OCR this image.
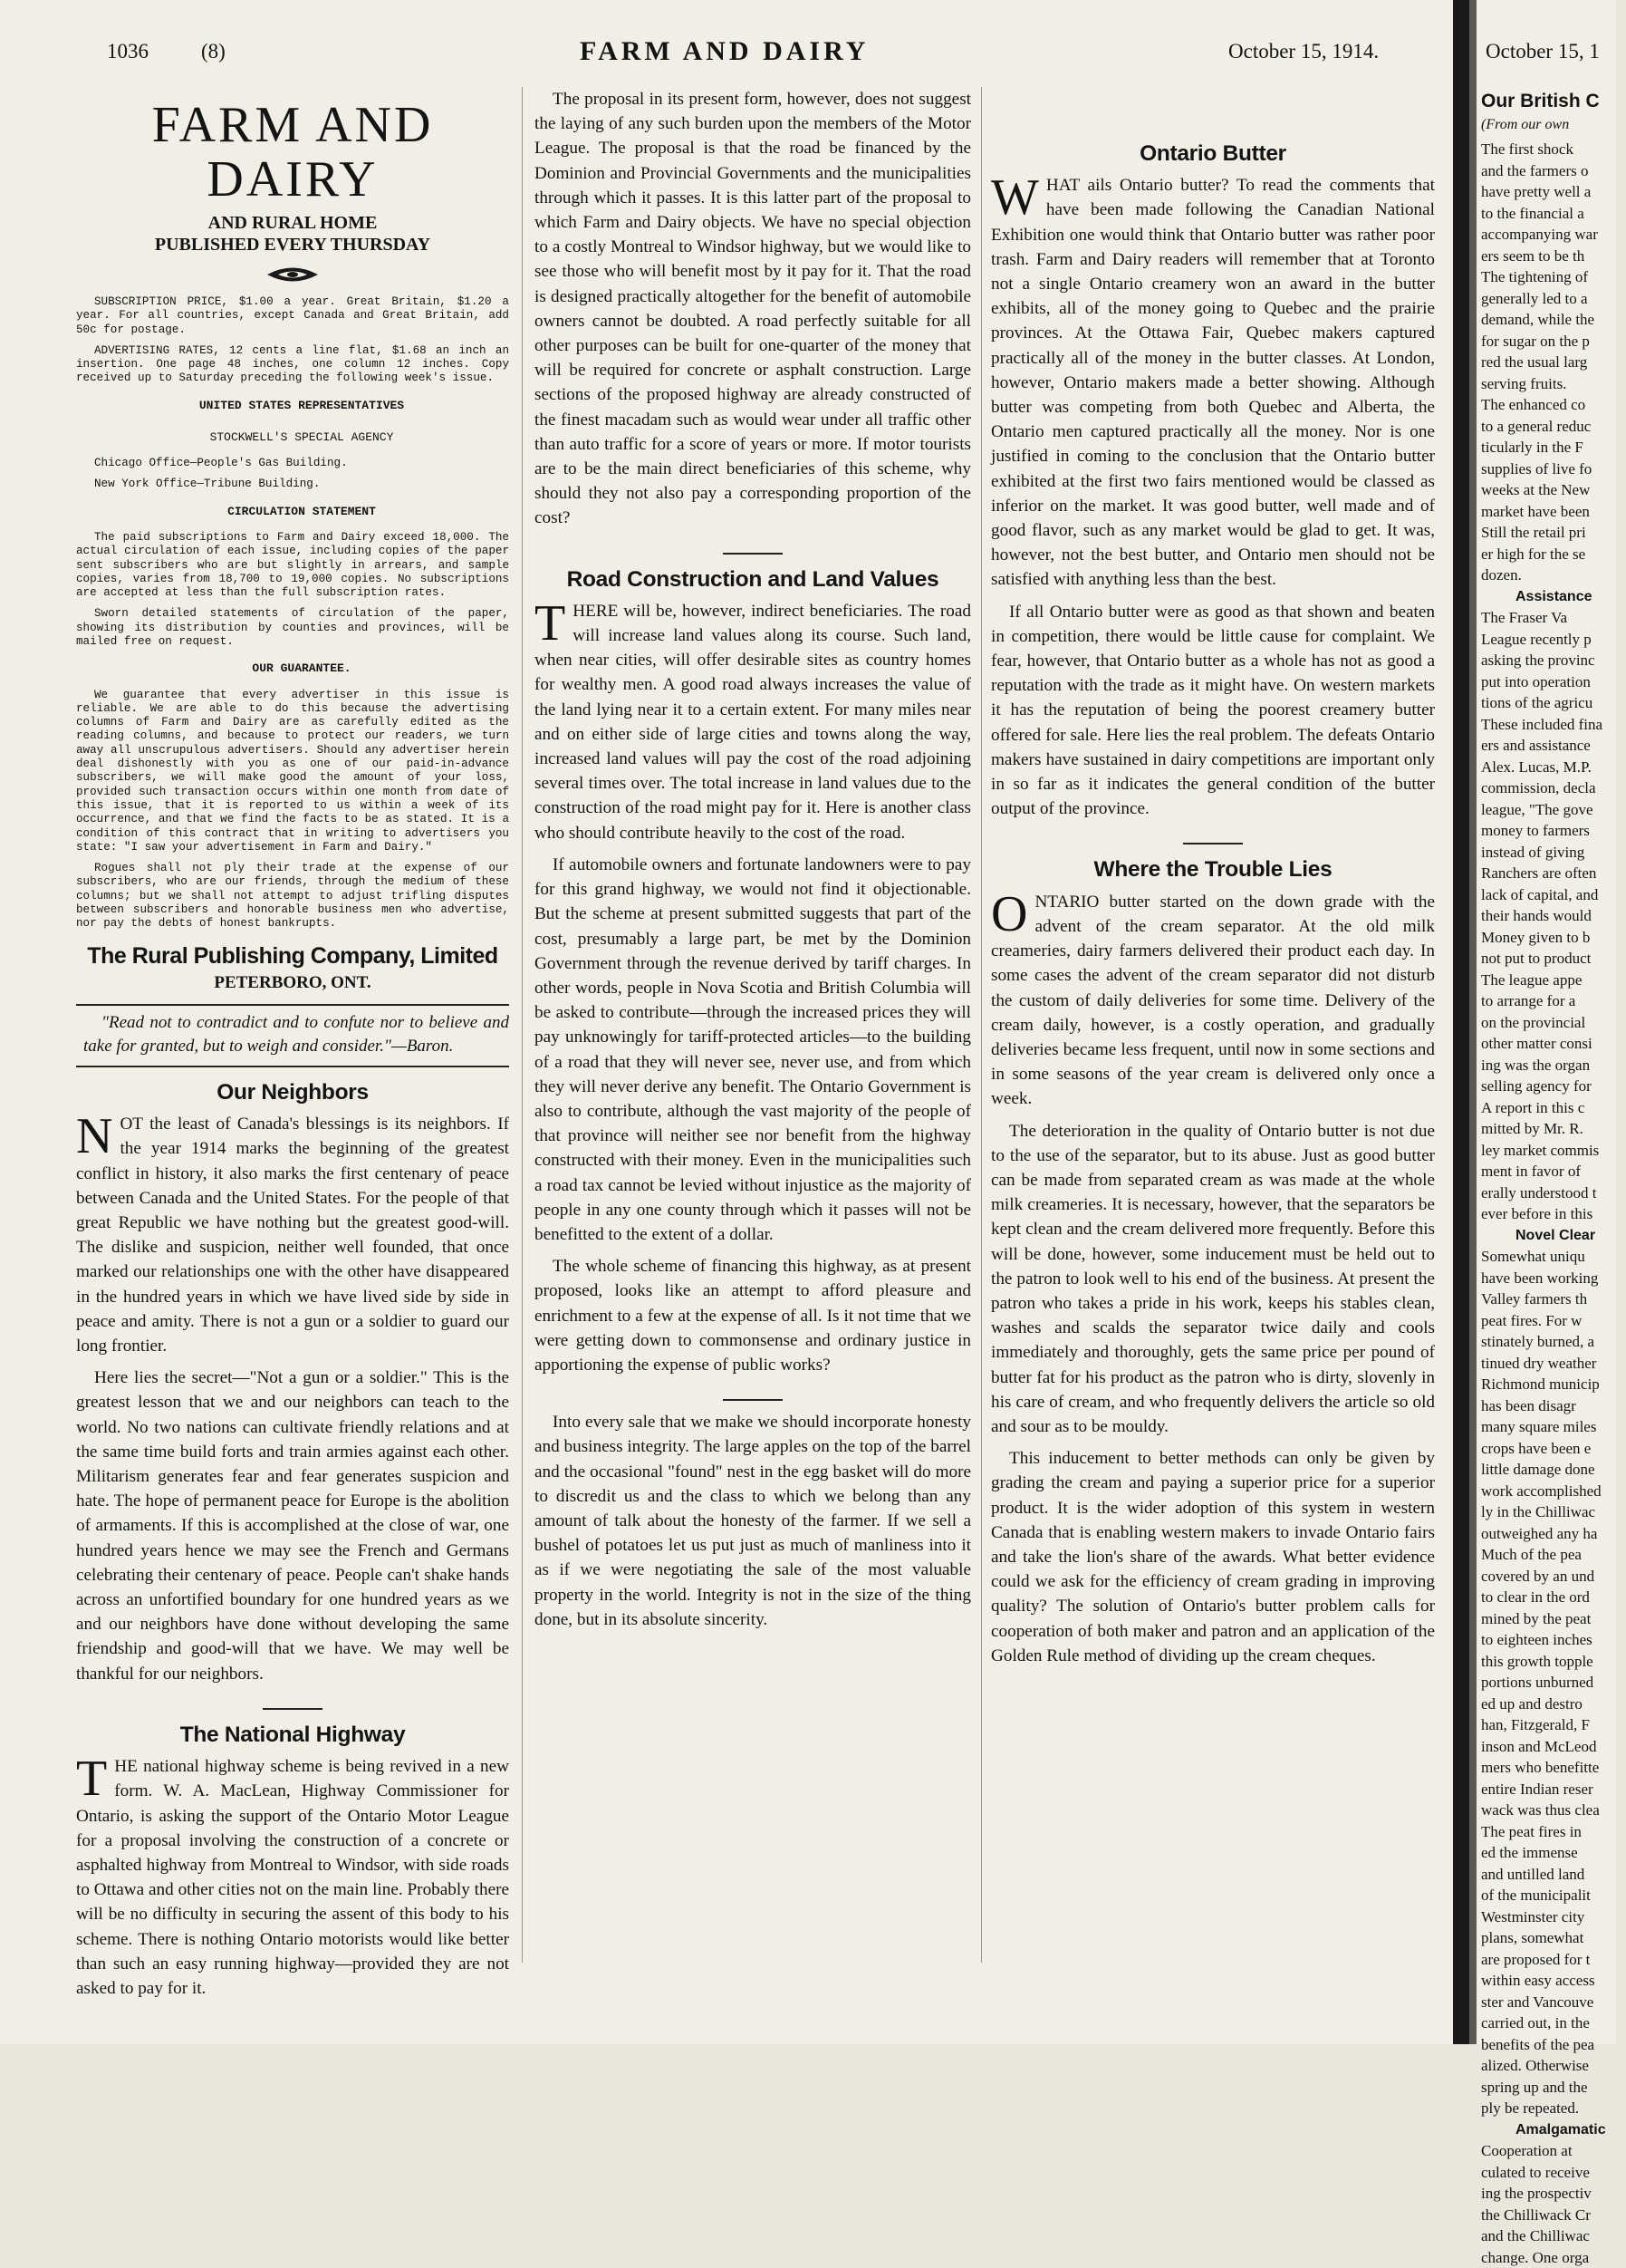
1036	(8)	FARM AND DAIRY	October 15, 1914.	October 15, 1
FARM AND DAIRY
AND RURAL HOME
PUBLISHED EVERY THURSDAY

SUBSCRIPTION PRICE, $1.00 a year. Great Britain, $1.20 a year. For all countries, except Canada and Great Britain, add 50c for postage.

ADVERTISING RATES, 12 cents a line flat, $1.68 an inch an insertion. One page 48 inches, one column 12 inches. Copy received up to Saturday preceding the following week's issue.

UNITED STATES REPRESENTATIVES

STOCKWELL'S SPECIAL AGENCY

Chicago Office—People's Gas Building.

New York Office—Tribune Building.

CIRCULATION STATEMENT

The paid subscriptions to Farm and Dairy exceed 18,000. The actual circulation of each issue, including copies of the paper sent subscribers who are but slightly in arrears, and sample copies, varies from 18,700 to 19,000 copies. No subscriptions are accepted at less than the full subscription rates.

Sworn detailed statements of circulation of the paper, showing its distribution by counties and provinces, will be mailed free on request.

OUR GUARANTEE.

We guarantee that every advertiser in this issue is reliable. We are able to do this because the advertising columns of Farm and Dairy are as carefully edited as the reading columns, and because to protect our readers, we turn away all unscrupulous advertisers. Should any advertiser herein deal dishonestly with you as one of our paid-in-advance subscribers, we will make good the amount of your loss, provided such transaction occurs within one month from date of this issue, that it is reported to us within a week of its occurrence, and that we find the facts to be as stated. It is a condition of this contract that in writing to advertisers you state: "I saw your advertisement in Farm and Dairy."

Rogues shall not ply their trade at the expense of our subscribers, who are our friends, through the medium of these columns; but we shall not attempt to adjust trifling disputes between subscribers and honorable business men who advertise, nor pay the debts of honest bankrupts.

The Rural Publishing Company, Limited
PETERBORO, ONT.

"Read not to contradict and to confute nor to believe and take for granted, but to weigh and consider."—Baron.

Our Neighbors

NOT the least of Canada's blessings is its neighbors. If the year 1914 marks the beginning of the greatest conflict in history, it also marks the first centenary of peace between Canada and the United States. For the people of that great Republic we have nothing but the greatest good-will. The dislike and suspicion, neither well founded, that once marked our relationships one with the other have disappeared in the hundred years in which we have lived side by side in peace and amity. There is not a gun or a soldier to guard our long frontier.

Here lies the secret—"Not a gun or a soldier." This is the greatest lesson that we and our neighbors can teach to the world. No two nations can cultivate friendly relations and at the same time build forts and train armies against each other. Militarism generates fear and fear generates suspicion and hate. The hope of permanent peace for Europe is the abolition of armaments. If this is accomplished at the close of war, one hundred years hence we may see the French and Germans celebrating their centenary of peace. People can't shake hands across an unfortified boundary for one hundred years as we and our neighbors have done without developing the same friendship and good-will that we have. We may well be thankful for our neighbors.

The National Highway

THE national highway scheme is being revived in a new form. W. A. MacLean, Highway Commissioner for Ontario, is asking the support of the Ontario Motor League for a proposal involving the construction of a concrete or asphalted highway from Montreal to Windsor, with side roads to Ottawa and other cities not on the main line. Probably there will be no difficulty in securing the assent of this body to his scheme. There is nothing Ontario motorists would like better than such an easy running highway—provided they are not asked to pay for it.

The proposal in its present form, however, does not suggest the laying of any such burden upon the members of the Motor League. The proposal is that the road be financed by the Dominion and Provincial Governments and the municipalities through which it passes. It is this latter part of the proposal to which Farm and Dairy objects. We have no special objection to a costly Montreal to Windsor highway, but we would like to see those who will benefit most by it pay for it. That the road is designed practically altogether for the benefit of automobile owners cannot be doubted. A road perfectly suitable for all other purposes can be built for one-quarter of the money that will be required for concrete or asphalt construction. Large sections of the proposed highway are already constructed of the finest macadam such as would wear under all traffic other than auto traffic for a score of years or more. If motor tourists are to be the main direct beneficiaries of this scheme, why should they not also pay a corresponding proportion of the cost?

Road Construction and Land Values

THERE will be, however, indirect beneficiaries. The road will increase land values along its course. Such land, when near cities, will offer desirable sites as country homes for wealthy men. A good road always increases the value of the land lying near it to a certain extent. For many miles near and on either side of large cities and towns along the way, increased land values will pay the cost of the road adjoining several times over. The total increase in land values due to the construction of the road might pay for it. Here is another class who should contribute heavily to the cost of the road.

If automobile owners and fortunate landowners were to pay for this grand highway, we would not find it objectionable. But the scheme at present submitted suggests that part of the cost, presumably a large part, be met by the Dominion Government through the revenue derived by tariff charges. In other words, people in Nova Scotia and British Columbia will be asked to contribute—through the increased prices they will pay unknowingly for tariff-protected articles—to the building of a road that they will never see, never use, and from which they will never derive any benefit. The Ontario Government is also to contribute, although the vast majority of the people of that province will neither see nor benefit from the highway constructed with their money. Even in the municipalities such a road tax cannot be levied without injustice as the majority of people in any one county through which it passes will not be benefitted to the extent of a dollar.

The whole scheme of financing this highway, as at present proposed, looks like an attempt to afford pleasure and enrichment to a few at the expense of all. Is it not time that we were getting down to commonsense and ordinary justice in apportioning the expense of public works?

Into every sale that we make we should incorporate honesty and business integrity. The large apples on the top of the barrel and the occasional "found" nest in the egg basket will do more to discredit us and the class to which we belong than any amount of talk about the honesty of the farmer. If we sell a bushel of potatoes let us put just as much of manliness into it as if we were negotiating the sale of the most valuable property in the world. Integrity is not in the size of the thing done, but in its absolute sincerity.

Ontario Butter

WHAT ails Ontario butter? To read the comments that have been made following the Canadian National Exhibition one would think that Ontario butter was rather poor trash. Farm and Dairy readers will remember that at Toronto not a single Ontario creamery won an award in the butter exhibits, all of the money going to Quebec and the prairie provinces. At the Ottawa Fair, Quebec makers captured practically all of the money in the butter classes. At London, however, Ontario makers made a better showing. Although butter was competing from both Quebec and Alberta, the Ontario men captured practically all the money. Nor is one justified in coming to the conclusion that the Ontario butter exhibited at the first two fairs mentioned would be classed as inferior on the market. It was good butter, well made and of good flavor, such as any market would be glad to get. It was, however, not the best butter, and Ontario men should not be satisfied with anything less than the best.

If all Ontario butter were as good as that shown and beaten in competition, there would be little cause for complaint. We fear, however, that Ontario butter as a whole has not as good a reputation with the trade as it might have. On western markets it has the reputation of being the poorest creamery butter offered for sale. Here lies the real problem. The defeats Ontario makers have sustained in dairy competitions are important only in so far as it indicates the general condition of the butter output of the province.

Where the Trouble Lies

ONTARIO butter started on the down grade with the advent of the cream separator. At the old milk creameries, dairy farmers delivered their product each day. In some cases the advent of the cream separator did not disturb the custom of daily deliveries for some time. Delivery of the cream daily, however, is a costly operation, and gradually deliveries became less frequent, until now in some sections and in some seasons of the year cream is delivered only once a week.

The deterioration in the quality of Ontario butter is not due to the use of the separator, but to its abuse. Just as good butter can be made from separated cream as was made at the whole milk creameries. It is necessary, however, that the separators be kept clean and the cream delivered more frequently. Before this will be done, however, some inducement must be held out to the patron to look well to his end of the business. At present the patron who takes a pride in his work, keeps his stables clean, washes and scalds the separator twice daily and cools immediately and thoroughly, gets the same price per pound of butter fat for his product as the patron who is dirty, slovenly in his care of cream, and who frequently delivers the article so old and sour as to be mouldy.

This inducement to better methods can only be given by grading the cream and paying a superior price for a superior product. It is the wider adoption of this system in western Canada that is enabling western makers to invade Ontario fairs and take the lion's share of the awards. What better evidence could we ask for the efficiency of cream grading in improving quality? The solution of Ontario's butter problem calls for cooperation of both maker and patron and an application of the Golden Rule method of dividing up the cream cheques.

Our British C
(From our own
The first shock
and the farmers o
have pretty well a
to the financial a
accompanying war
ers seem to be th
The tightening of
generally led to a
demand, while the
for sugar on the p
red the usual larg
serving fruits.
The enhanced co
to a general reduc
ticularly in the F
supplies of live fo
weeks at the New
market have been
Still the retail pri
er high for the se
dozen.
Assistance
The Fraser Va
League recently p
asking the provinc
put into operation
tions of the agricu
These included fina
ers and assistance
Alex. Lucas, M.P.
commission, decla
league, "The gove
money to farmers
instead of giving
Ranchers are often
lack of capital, and
their hands would
Money given to b
not put to product
The league appe
to arrange for a
on the provincial
other matter consi
ing was the organ
selling agency for
A report in this c
mitted by Mr. R.
ley market commis
ment in favor of
erally understood t
ever before in this
Novel Clear
Somewhat uniqu
have been working
Valley farmers th
peat fires. For w
stinately burned, a
tinued dry weather
Richmond municip
has been disagr
many square miles
crops have been e
little damage done
work accomplished
ly in the Chilliwac
outweighed any ha
Much of the pea
covered by an und
to clear in the ord
mined by the peat
to eighteen inches
this growth topple
portions unburned
ed up and destro
han, Fitzgerald, F
inson and McLeod
mers who benefitte
entire Indian reser
wack was thus clea
The peat fires in
ed the immense
and untilled land
of the municipalit
Westminster city
plans, somewhat
are proposed for t
within easy access
ster and Vancouve
carried out, in the
benefits of the pea
alized. Otherwise
spring up and the
ply be repeated.
Amalgamatic
Cooperation at
culated to receive
ing the prospectiv
the Chilliwack Cr
and the Chilliwac
change. One orga
